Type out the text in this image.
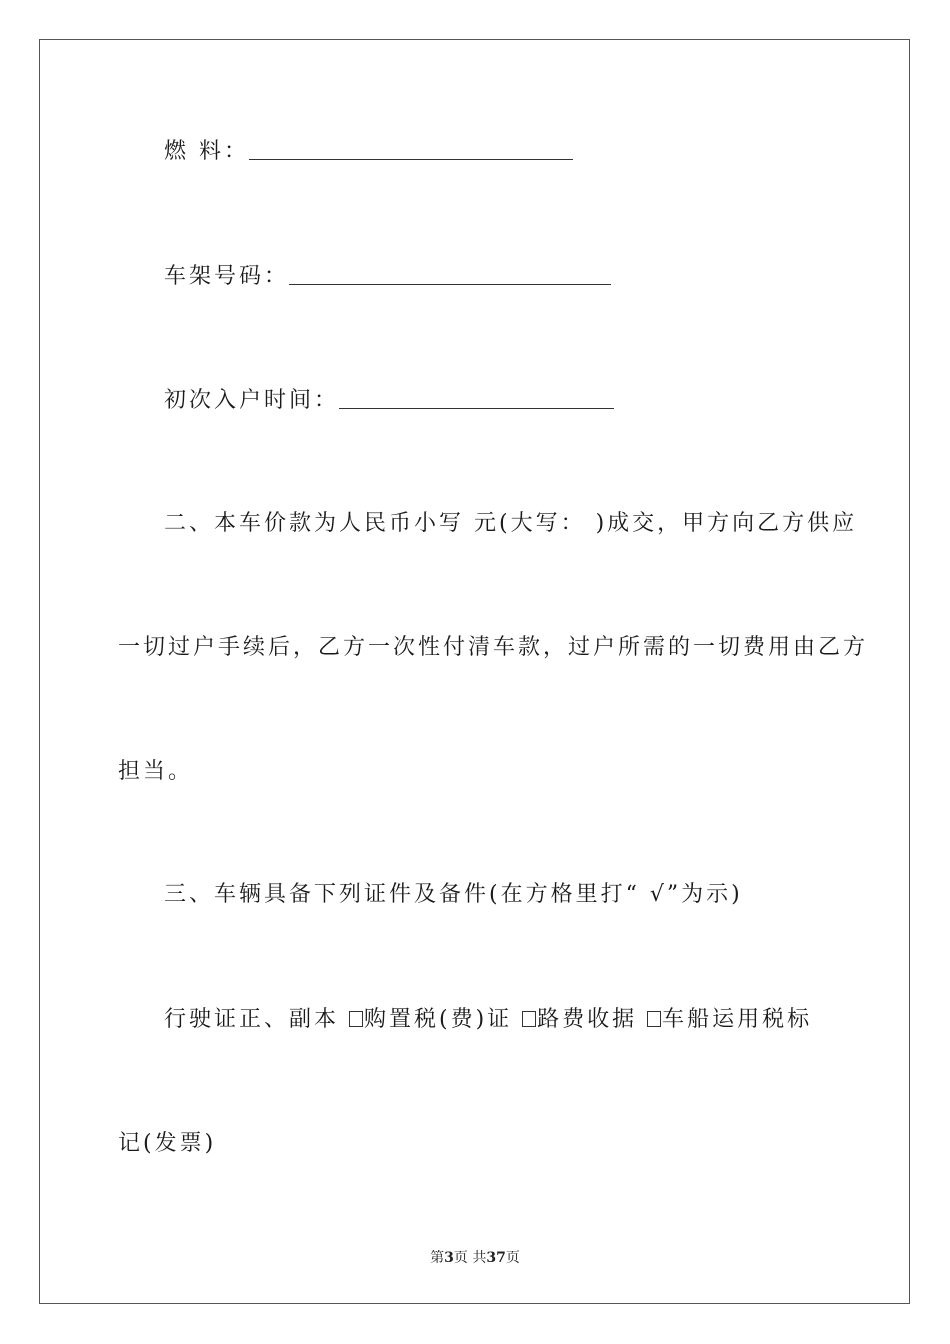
燃 料：
车架号码：
初次入户时间：
二、本车价款为人民币小写 元(大写： )成交，甲方向乙方供应
一切过户手续后，乙方一次性付清车款，过户所需的一切费用由乙方
担当。
三、车辆具备下列证件及备件(在方格里打“ √”为示)
行驶证正、副本 购置税(费)证 路费收据 车船运用税标
记(发票)
第3页 共37页
